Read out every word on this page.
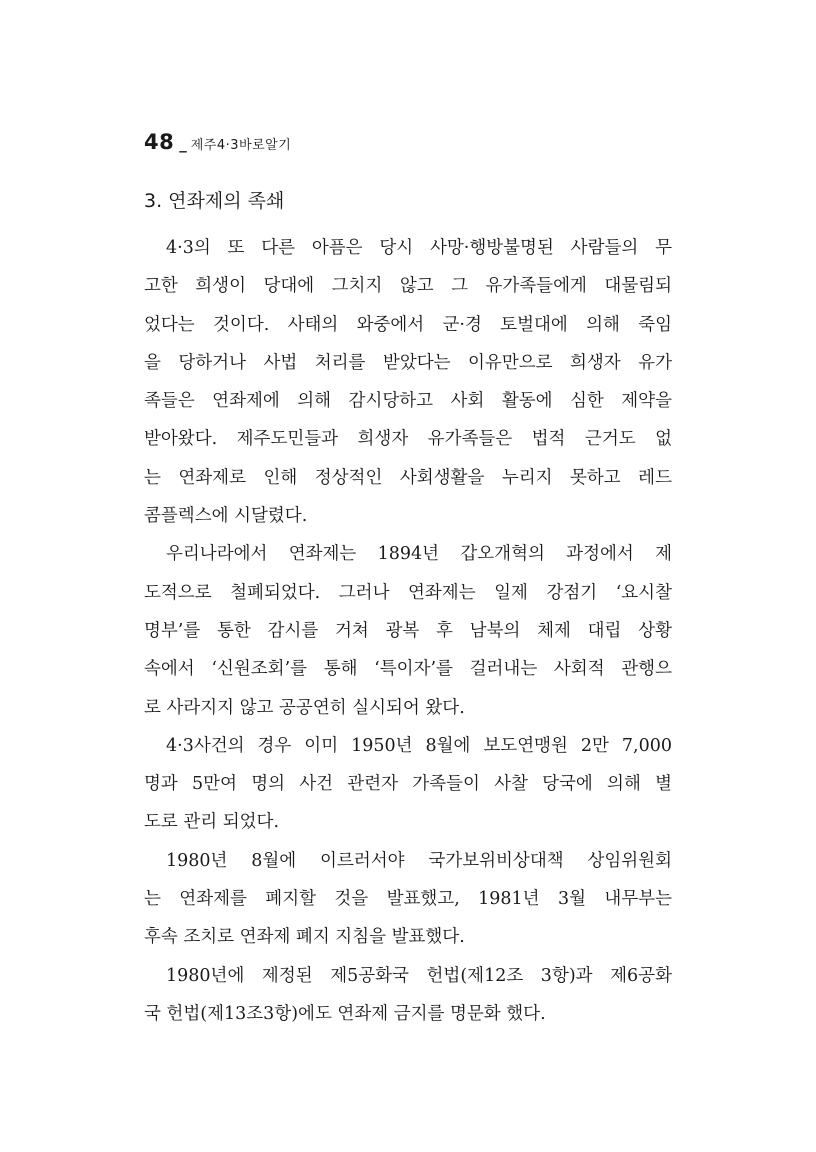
48 _ 제주4·3바로알기
3. 연좌제의 족쇄
4·3의 또 다른 아픔은 당시 사망·행방불명된 사람들의 무
고한 희생이 당대에 그치지 않고 그 유가족들에게 대물림되
었다는 것이다. 사태의 와중에서 군·경 토벌대에 의해 죽임
을 당하거나 사법 처리를 받았다는 이유만으로 희생자 유가
족들은 연좌제에 의해 감시당하고 사회 활동에 심한 제약을
받아왔다. 제주도민들과 희생자 유가족들은 법적 근거도 없
는 연좌제로 인해 정상적인 사회생활을 누리지 못하고 레드
콤플렉스에 시달렸다.
우리나라에서 연좌제는 1894년 갑오개혁의 과정에서 제
도적으로 철폐되었다. 그러나 연좌제는 일제 강점기 ‘요시찰
명부’를 통한 감시를 거쳐 광복 후 남북의 체제 대립 상황
속에서 ‘신원조회’를 통해 ‘특이자’를 걸러내는 사회적 관행으
로 사라지지 않고 공공연히 실시되어 왔다.
4·3사건의 경우 이미 1950년 8월에 보도연맹원 2만 7,000
명과 5만여 명의 사건 관련자 가족들이 사찰 당국에 의해 별
도로 관리 되었다.
1980년 8월에 이르러서야 국가보위비상대책 상임위원회
는 연좌제를 폐지할 것을 발표했고, 1981년 3월 내무부는
후속 조치로 연좌제 폐지 지침을 발표했다.
1980년에 제정된 제5공화국 헌법(제12조 3항)과 제6공화
국 헌법(제13조3항)에도 연좌제 금지를 명문화 했다.
